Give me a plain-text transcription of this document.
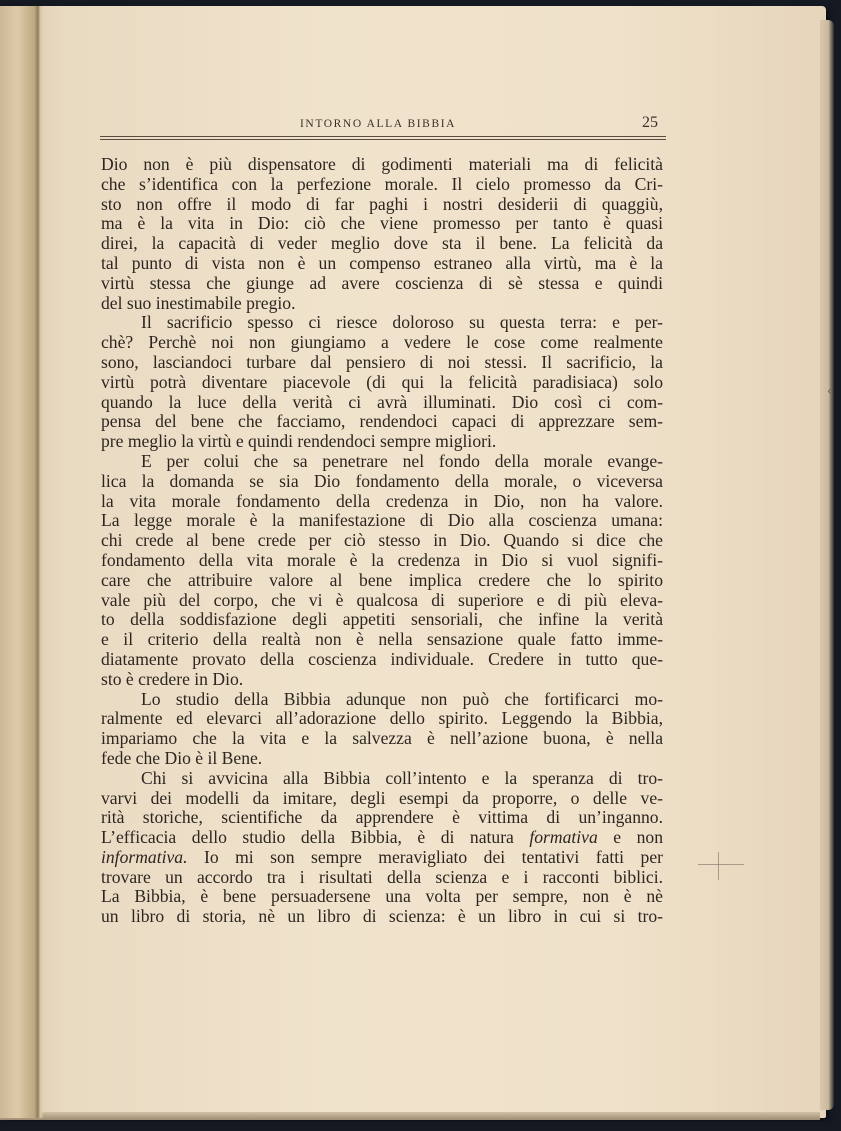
INTORNO ALLA BIBBIA	25
Dio non è più dispensatore di godimenti materiali ma di felicità
che s’identifica con la perfezione morale. Il cielo promesso da Cri-
sto non offre il modo di far paghi i nostri desiderii di quaggiù,
ma è la vita in Dio: ciò che viene promesso per tanto è quasi
direi, la capacità di veder meglio dove sta il bene. La felicità da
tal punto di vista non è un compenso estraneo alla virtù, ma è la
virtù stessa che giunge ad avere coscienza di sè stessa e quindi
del suo inestimabile pregio.
Il sacrificio spesso ci riesce doloroso su questa terra: e per-
chè? Perchè noi non giungiamo a vedere le cose come realmente
sono, lasciandoci turbare dal pensiero di noi stessi. Il sacrificio, la
virtù potrà diventare piacevole (di qui la felicità paradisiaca) solo
quando la luce della verità ci avrà illuminati. Dio così ci com-
pensa del bene che facciamo, rendendoci capaci di apprezzare sem-
pre meglio la virtù e quindi rendendoci sempre migliori.
E per colui che sa penetrare nel fondo della morale evange-
lica la domanda se sia Dio fondamento della morale, o viceversa
la vita morale fondamento della credenza in Dio, non ha valore.
La legge morale è la manifestazione di Dio alla coscienza umana:
chi crede al bene crede per ciò stesso in Dio. Quando si dice che
fondamento della vita morale è la credenza in Dio si vuol signifi-
care che attribuire valore al bene implica credere che lo spirito
vale più del corpo, che vi è qualcosa di superiore e di più eleva-
to della soddisfazione degli appetiti sensoriali, che infine la verità
e il criterio della realtà non è nella sensazione quale fatto imme-
diatamente provato della coscienza individuale. Credere in tutto que-
sto è credere in Dio.
Lo studio della Bibbia adunque non può che fortificarci mo-
ralmente ed elevarci all’adorazione dello spirito. Leggendo la Bibbia,
impariamo che la vita e la salvezza è nell’azione buona, è nella
fede che Dio è il Bene.
Chi si avvicina alla Bibbia coll’intento e la speranza di tro-
varvi dei modelli da imitare, degli esempi da proporre, o delle ve-
rità storiche, scientifiche da apprendere è vittima di un’inganno.
L’efficacia dello studio della Bibbia, è di natura formativa e non
informativa. Io mi son sempre meravigliato dei tentativi fatti per
trovare un accordo tra i risultati della scienza e i racconti biblici.
La Bibbia, è bene persuadersene una volta per sempre, non è nè
un libro di storia, nè un libro di scienza: è un libro in cui si tro-
‹
